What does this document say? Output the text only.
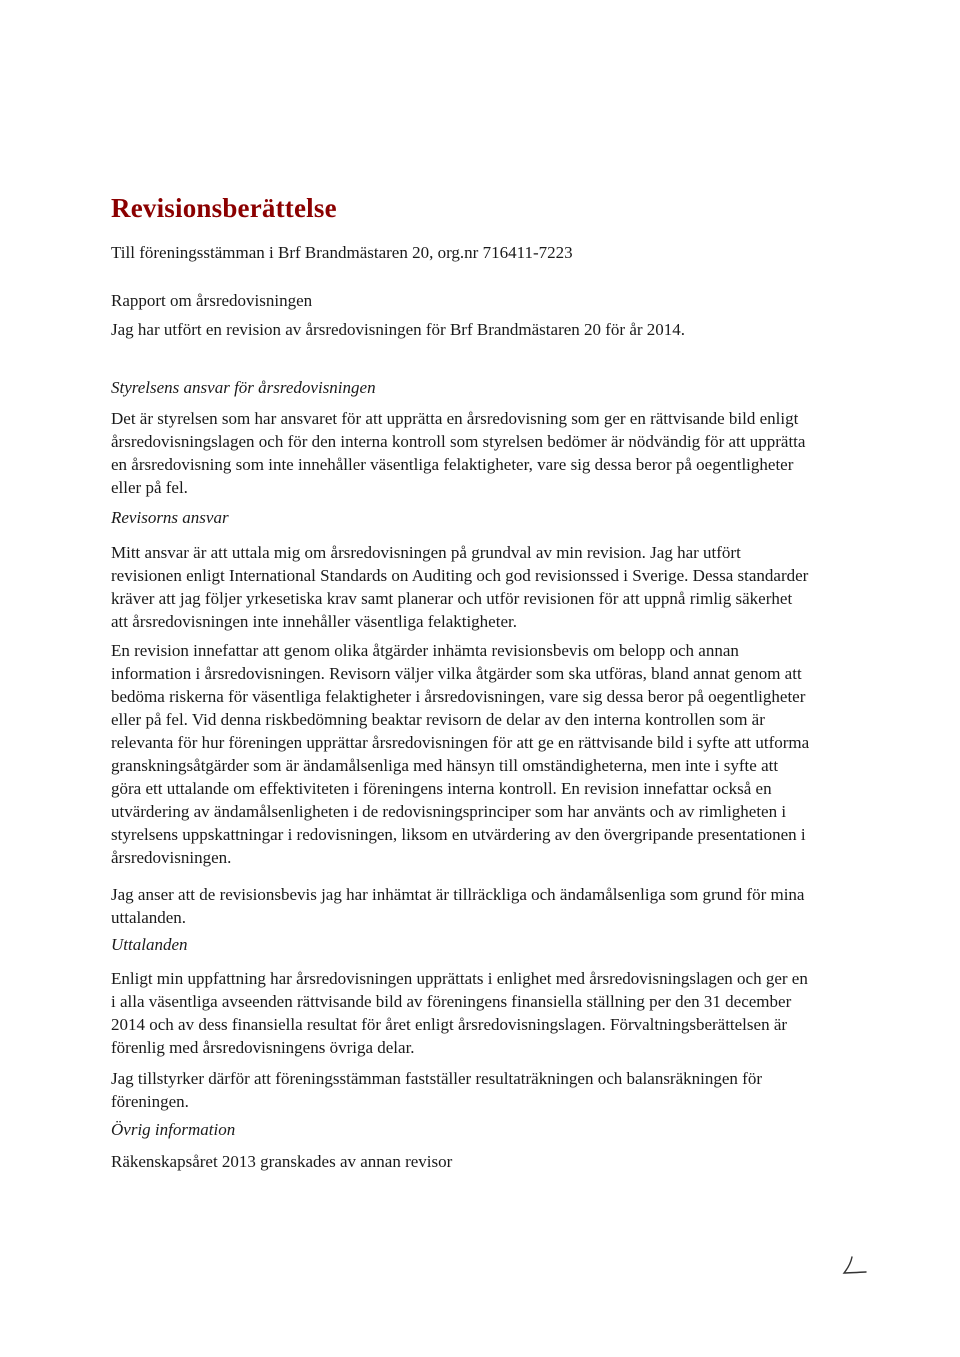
Revisionsberättelse
Till föreningsstämman i Brf Brandmästaren 20, org.nr 716411-7223
Rapport om årsredovisningen
Jag har utfört en revision av årsredovisningen för Brf Brandmästaren 20 för år 2014.
Styrelsens ansvar för årsredovisningen
Det är styrelsen som har ansvaret för att upprätta en årsredovisning som ger en rättvisande bild enligt
årsredovisningslagen och för den interna kontroll som styrelsen bedömer är nödvändig för att upprätta
en årsredovisning som inte innehåller väsentliga felaktigheter, vare sig dessa beror på oegentligheter
eller på fel.
Revisorns ansvar
Mitt ansvar är att uttala mig om årsredovisningen på grundval av min revision. Jag har utfört
revisionen enligt International Standards on Auditing och god revisionssed i Sverige. Dessa standarder
kräver att jag följer yrkesetiska krav samt planerar och utför revisionen för att uppnå rimlig säkerhet
att årsredovisningen inte innehåller väsentliga felaktigheter.
En revision innefattar att genom olika åtgärder inhämta revisionsbevis om belopp och annan
information i årsredovisningen. Revisorn väljer vilka åtgärder som ska utföras, bland annat genom att
bedöma riskerna för väsentliga felaktigheter i årsredovisningen, vare sig dessa beror på oegentligheter
eller på fel. Vid denna riskbedömning beaktar revisorn de delar av den interna kontrollen som är
relevanta för hur föreningen upprättar årsredovisningen för att ge en rättvisande bild i syfte att utforma
granskningsåtgärder som är ändamålsenliga med hänsyn till omständigheterna, men inte i syfte att
göra ett uttalande om effektiviteten i föreningens interna kontroll. En revision innefattar också en
utvärdering av ändamålsenligheten i de redovisningsprinciper som har använts och av rimligheten i
styrelsens uppskattningar i redovisningen, liksom en utvärdering av den övergripande presentationen i
årsredovisningen.
Jag anser att de revisionsbevis jag har inhämtat är tillräckliga och ändamålsenliga som grund för mina
uttalanden.
Uttalanden
Enligt min uppfattning har årsredovisningen upprättats i enlighet med årsredovisningslagen och ger en
i alla väsentliga avseenden rättvisande bild av föreningens finansiella ställning per den 31 december
2014 och av dess finansiella resultat för året enligt årsredovisningslagen. Förvaltningsberättelsen är
förenlig med årsredovisningens övriga delar.
Jag tillstyrker därför att föreningsstämman fastställer resultaträkningen och balansräkningen för
föreningen.
Övrig information
Räkenskapsåret 2013 granskades av annan revisor
